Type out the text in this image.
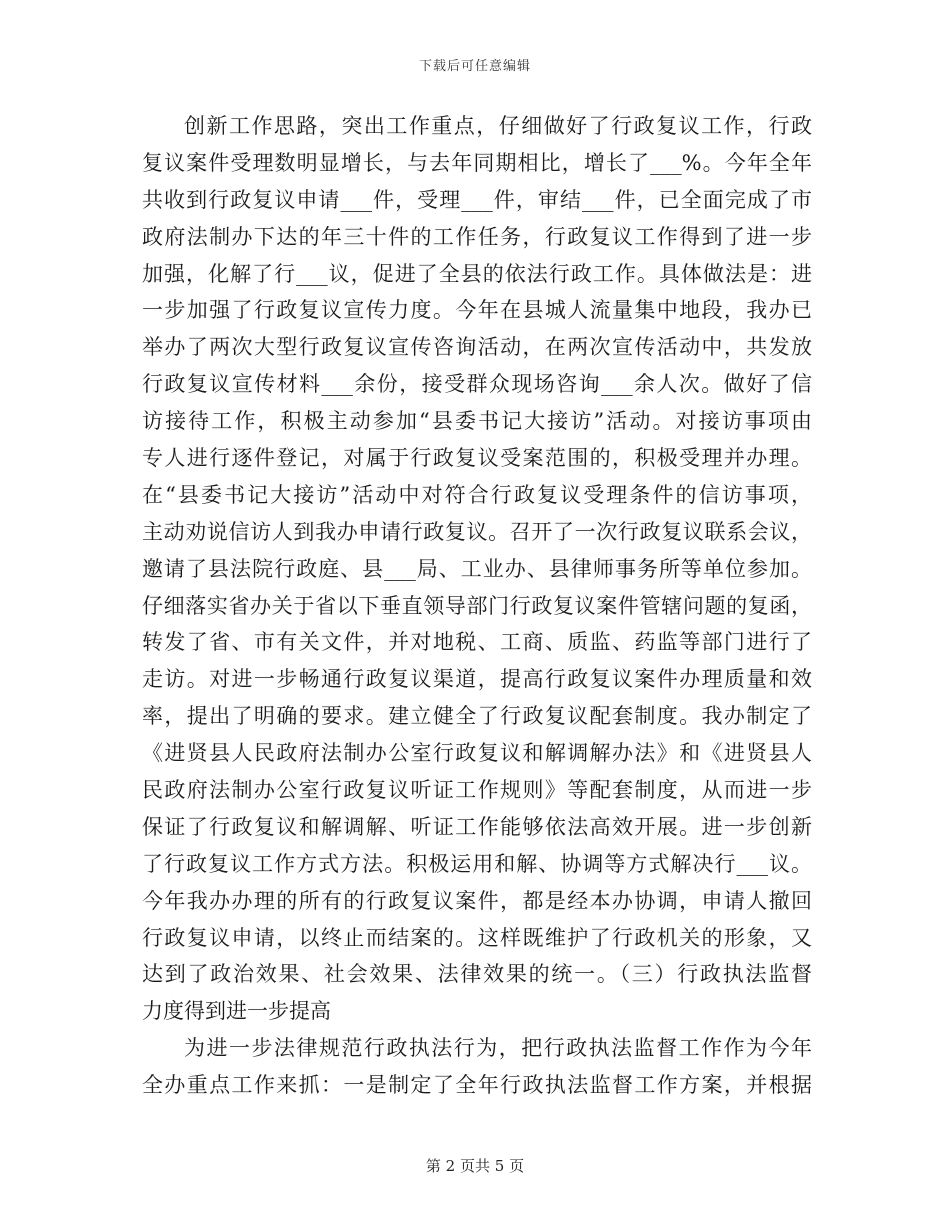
下载后可任意编辑
创新工作思路，突出工作重点，仔细做好了行政复议工作，行政
复议案件受理数明显增长，与去年同期相比，增长了___%。今年全年
共收到行政复议申请___件，受理___件，审结___件，已全面完成了市
政府法制办下达的年三十件的工作任务，行政复议工作得到了进一步
加强，化解了行___议，促进了全县的依法行政工作。具体做法是：进
一步加强了行政复议宣传力度。今年在县城人流量集中地段，我办已
举办了两次大型行政复议宣传咨询活动，在两次宣传活动中，共发放
行政复议宣传材料___余份，接受群众现场咨询___余人次。做好了信
访接待工作，积极主动参加“县委书记大接访”活动。对接访事项由
专人进行逐件登记，对属于行政复议受案范围的，积极受理并办理。
在“县委书记大接访”活动中对符合行政复议受理条件的信访事项，
主动劝说信访人到我办申请行政复议。召开了一次行政复议联系会议，
邀请了县法院行政庭、县___局、工业办、县律师事务所等单位参加。
仔细落实省办关于省以下垂直领导部门行政复议案件管辖问题的复函，
转发了省、市有关文件，并对地税、工商、质监、药监等部门进行了
走访。对进一步畅通行政复议渠道，提高行政复议案件办理质量和效
率，提出了明确的要求。建立健全了行政复议配套制度。我办制定了
《进贤县人民政府法制办公室行政复议和解调解办法》和《进贤县人
民政府法制办公室行政复议听证工作规则》等配套制度，从而进一步
保证了行政复议和解调解、听证工作能够依法高效开展。进一步创新
了行政复议工作方式方法。积极运用和解、协调等方式解决行___议。
今年我办办理的所有的行政复议案件，都是经本办协调，申请人撤回
行政复议申请，以终止而结案的。这样既维护了行政机关的形象，又
达到了政治效果、社会效果、法律效果的统一。（三）行政执法监督
力度得到进一步提高
为进一步法律规范行政执法行为，把行政执法监督工作作为今年
全办重点工作来抓：一是制定了全年行政执法监督工作方案，并根据
第 2 页共 5 页
